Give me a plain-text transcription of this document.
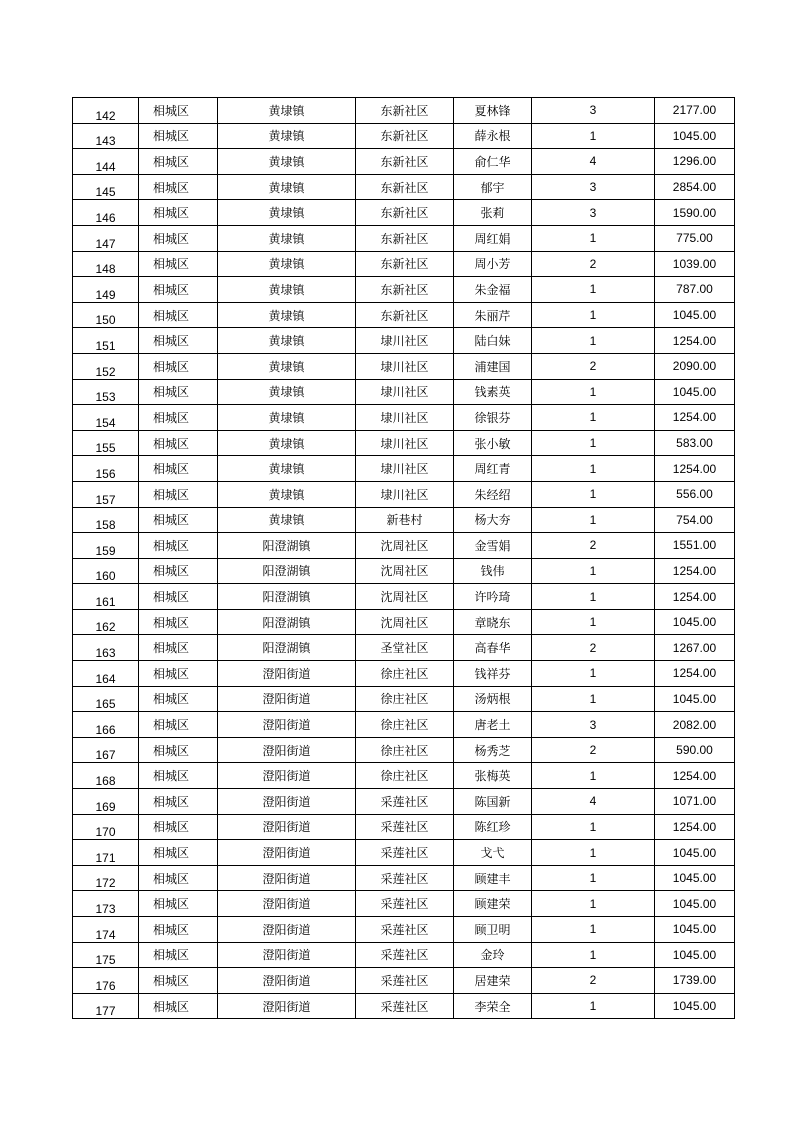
142	相城区	黄埭镇	东新社区	夏林锋	3	2177.00
143	相城区	黄埭镇	东新社区	薛永根	1	1045.00
144	相城区	黄埭镇	东新社区	俞仁华	4	1296.00
145	相城区	黄埭镇	东新社区	郁宇	3	2854.00
146	相城区	黄埭镇	东新社区	张莉	3	1590.00
147	相城区	黄埭镇	东新社区	周红娟	1	775.00
148	相城区	黄埭镇	东新社区	周小芳	2	1039.00
149	相城区	黄埭镇	东新社区	朱金福	1	787.00
150	相城区	黄埭镇	东新社区	朱丽芹	1	1045.00
151	相城区	黄埭镇	埭川社区	陆白妹	1	1254.00
152	相城区	黄埭镇	埭川社区	浦建国	2	2090.00
153	相城区	黄埭镇	埭川社区	钱素英	1	1045.00
154	相城区	黄埭镇	埭川社区	徐银芬	1	1254.00
155	相城区	黄埭镇	埭川社区	张小敏	1	583.00
156	相城区	黄埭镇	埭川社区	周红青	1	1254.00
157	相城区	黄埭镇	埭川社区	朱经绍	1	556.00
158	相城区	黄埭镇	新巷村	杨大夯	1	754.00
159	相城区	阳澄湖镇	沈周社区	金雪娟	2	1551.00
160	相城区	阳澄湖镇	沈周社区	钱伟	1	1254.00
161	相城区	阳澄湖镇	沈周社区	许吟琦	1	1254.00
162	相城区	阳澄湖镇	沈周社区	章晓东	1	1045.00
163	相城区	阳澄湖镇	圣堂社区	高春华	2	1267.00
164	相城区	澄阳街道	徐庄社区	钱祥芬	1	1254.00
165	相城区	澄阳街道	徐庄社区	汤炳根	1	1045.00
166	相城区	澄阳街道	徐庄社区	唐老土	3	2082.00
167	相城区	澄阳街道	徐庄社区	杨秀芝	2	590.00
168	相城区	澄阳街道	徐庄社区	张梅英	1	1254.00
169	相城区	澄阳街道	采莲社区	陈国新	4	1071.00
170	相城区	澄阳街道	采莲社区	陈红珍	1	1254.00
171	相城区	澄阳街道	采莲社区	戈弋	1	1045.00
172	相城区	澄阳街道	采莲社区	顾建丰	1	1045.00
173	相城区	澄阳街道	采莲社区	顾建荣	1	1045.00
174	相城区	澄阳街道	采莲社区	顾卫明	1	1045.00
175	相城区	澄阳街道	采莲社区	金玲	1	1045.00
176	相城区	澄阳街道	采莲社区	居建荣	2	1739.00
177	相城区	澄阳街道	采莲社区	李荣全	1	1045.00
